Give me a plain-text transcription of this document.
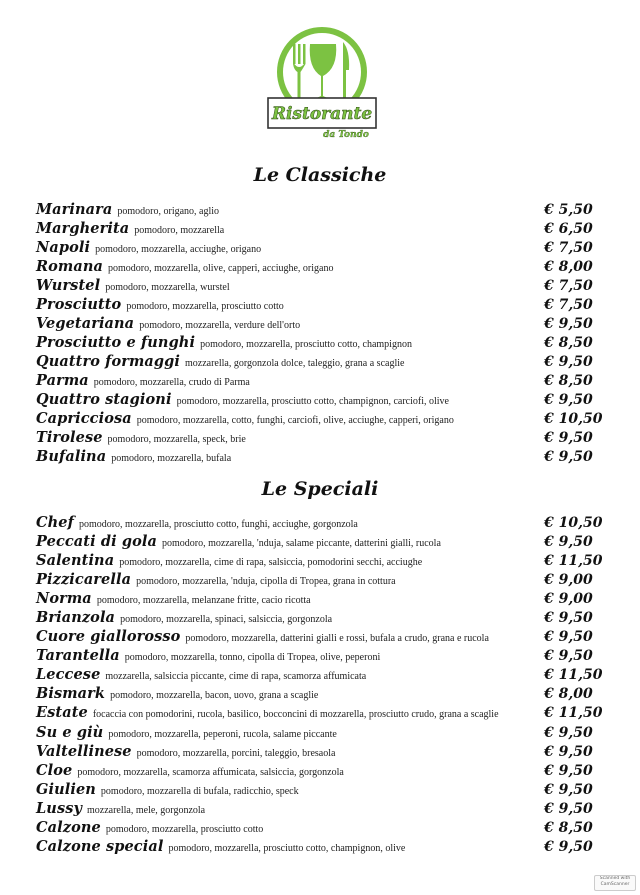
Ristorante
da Tondo
Le Classiche
Marinara pomodoro, origano, aglio	€ 5,50
Margherita pomodoro, mozzarella	€ 6,50
Napoli pomodoro, mozzarella, acciughe, origano	€ 7,50
Romana pomodoro, mozzarella, olive, capperi, acciughe, origano	€ 8,00
Wurstel pomodoro, mozzarella, wurstel	€ 7,50
Prosciutto pomodoro, mozzarella, prosciutto cotto	€ 7,50
Vegetariana pomodoro, mozzarella, verdure dell'orto	€ 9,50
Prosciutto e funghi pomodoro, mozzarella, prosciutto cotto, champignon	€ 8,50
Quattro formaggi mozzarella, gorgonzola dolce, taleggio, grana a scaglie	€ 9,50
Parma pomodoro, mozzarella, crudo di Parma	€ 8,50
Quattro stagioni pomodoro, mozzarella, prosciutto cotto, champignon, carciofi, olive	€ 9,50
Capricciosa pomodoro, mozzarella, cotto, funghi, carciofi, olive, acciughe, capperi, origano	€ 10,50
Tirolese pomodoro, mozzarella, speck, brie	€ 9,50
Bufalina pomodoro, mozzarella, bufala	€ 9,50
Le Speciali
Chef pomodoro, mozzarella, prosciutto cotto, funghi, acciughe, gorgonzola	€ 10,50
Peccati di gola pomodoro, mozzarella, 'nduja, salame piccante, datterini gialli, rucola	€ 9,50
Salentina pomodoro, mozzarella, cime di rapa, salsiccia, pomodorini secchi, acciughe	€ 11,50
Pizzicarella pomodoro, mozzarella, 'nduja, cipolla di Tropea, grana in cottura	€ 9,00
Norma pomodoro, mozzarella, melanzane fritte, cacio ricotta	€ 9,00
Brianzola pomodoro, mozzarella, spinaci, salsiccia, gorgonzola	€ 9,50
Cuore giallorosso pomodoro, mozzarella, datterini gialli e rossi, bufala a crudo, grana e rucola	€ 9,50
Tarantella pomodoro, mozzarella, tonno, cipolla di Tropea, olive, peperoni	€ 9,50
Leccese mozzarella, salsiccia piccante, cime di rapa, scamorza affumicata	€ 11,50
Bismark pomodoro, mozzarella, bacon, uovo, grana a scaglie	€ 8,00
Estate focaccia con pomodorini, rucola, basilico, bocconcini di mozzarella, prosciutto crudo, grana a scaglie	€ 11,50
Su e giù pomodoro, mozzarella, peperoni, rucola, salame piccante	€ 9,50
Valtellinese pomodoro, mozzarella, porcini, taleggio, bresaola	€ 9,50
Cloe pomodoro, mozzarella, scamorza affumicata, salsiccia, gorgonzola	€ 9,50
Giulien pomodoro, mozzarella di bufala, radicchio, speck	€ 9,50
Lussy mozzarella, mele, gorgonzola	€ 9,50
Calzone pomodoro, mozzarella, prosciutto cotto	€ 8,50
Calzone special pomodoro, mozzarella, prosciutto cotto, champignon, olive	€ 9,50
Scanned with
CamScanner
